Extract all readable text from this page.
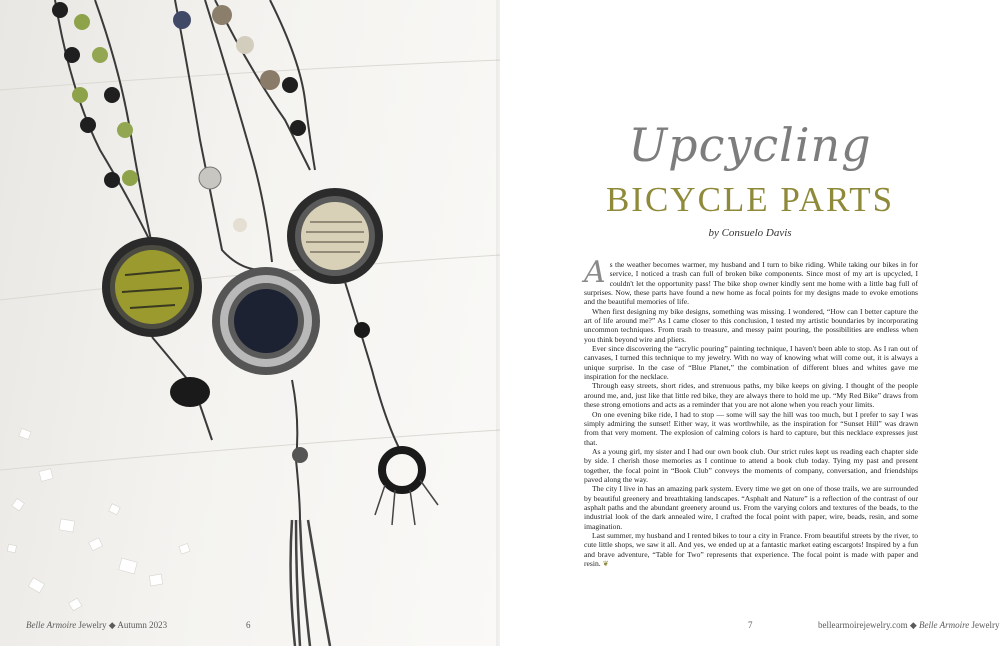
Belle Armoire Jewelry ◆ Autumn 2023	6
Upcycling
BICYCLE PARTS
by Consuelo Davis

As the weather becomes warmer, my husband and I turn to bike riding. While taking our bikes in for service, I noticed a trash can full of broken bike components. Since most of my art is upcycled, I couldn't let the opportunity pass! The bike shop owner kindly sent me home with a little bag full of surprises. Now, these parts have found a new home as focal points for my designs made to evoke emotions and the beautiful memories of life.

When first designing my bike designs, something was missing. I wondered, “How can I better capture the art of life around me?” As I came closer to this conclusion, I tested my artistic boundaries by incorporating uncommon techniques. From trash to treasure, and messy paint pouring, the possibilities are endless when you think beyond wire and pliers.

Ever since discovering the “acrylic pouring” painting technique, I haven't been able to stop. As I ran out of canvases, I turned this technique to my jewelry. With no way of knowing what will come out, it is always a unique surprise. In the case of “Blue Planet,” the combination of different blues and whites gave me inspiration for the necklace.

Through easy streets, short rides, and strenuous paths, my bike keeps on giving. I thought of the people around me, and, just like that little red bike, they are always there to hold me up. “My Red Bike” draws from these strong emotions and acts as a reminder that you are not alone when you reach your limits.

On one evening bike ride, I had to stop — some will say the hill was too much, but I prefer to say I was simply admiring the sunset! Either way, it was worthwhile, as the inspiration for “Sunset Hill” was drawn from that very moment. The explosion of calming colors is hard to capture, but this necklace expresses just that.

As a young girl, my sister and I had our own book club. Our strict rules kept us reading each chapter side by side. I cherish those memories as I continue to attend a book club today. Tying my past and present together, the focal point in “Book Club” conveys the moments of company, conversation, and friendships paved along the way.

The city I live in has an amazing park system. Every time we get on one of those trails, we are surrounded by beautiful greenery and breathtaking landscapes. “Asphalt and Nature” is a reflection of the contrast of our asphalt paths and the abundant greenery around us. From the varying colors and textures of the beads, to the industrial look of the dark annealed wire, I crafted the focal point with paper, wire, beads, resin, and some imagination.

Last summer, my husband and I rented bikes to tour a city in France. From beautiful streets by the river, to cute little shops, we saw it all. And yes, we ended up at a fantastic market eating escargots! Inspired by a fun and brave adventure, “Table for Two” represents that experience. The focal point is made with paper and resin. ❦

7	bellearmoirejewelry.com ◆ Belle Armoire Jewelry
